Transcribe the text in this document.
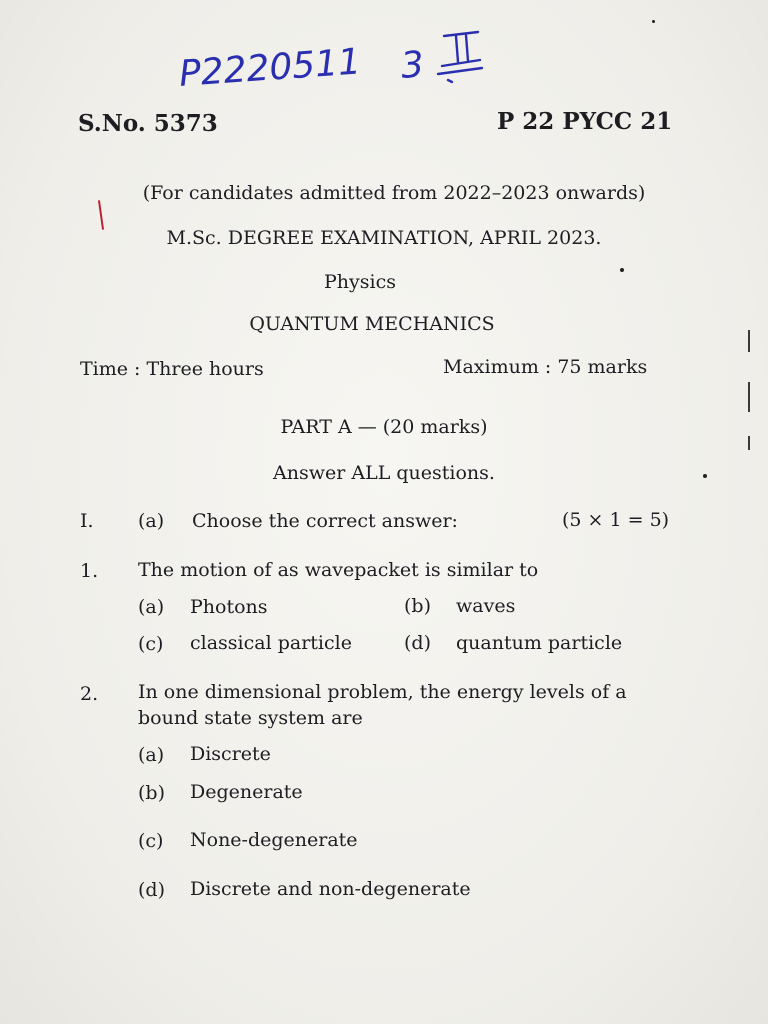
P2220511 3
S.No. 5373	P 22 PYCC 21
(For candidates admitted from 2022–2023 onwards)
M.Sc. DEGREE EXAMINATION, APRIL 2023.
Physics
QUANTUM MECHANICS
Time : Three hours	Maximum : 75 marks
PART A — (20 marks)
Answer ALL questions.
I. (a) Choose the correct answer:	(5 × 1 = 5)
1. The motion of as wavepacket is similar to
(a) Photons	(b) waves
(c) classical particle	(d) quantum particle
2. In one dimensional problem, the energy levels of a
bound state system are
(a) Discrete
(b) Degenerate
(c) None-degenerate
(d) Discrete and non-degenerate
